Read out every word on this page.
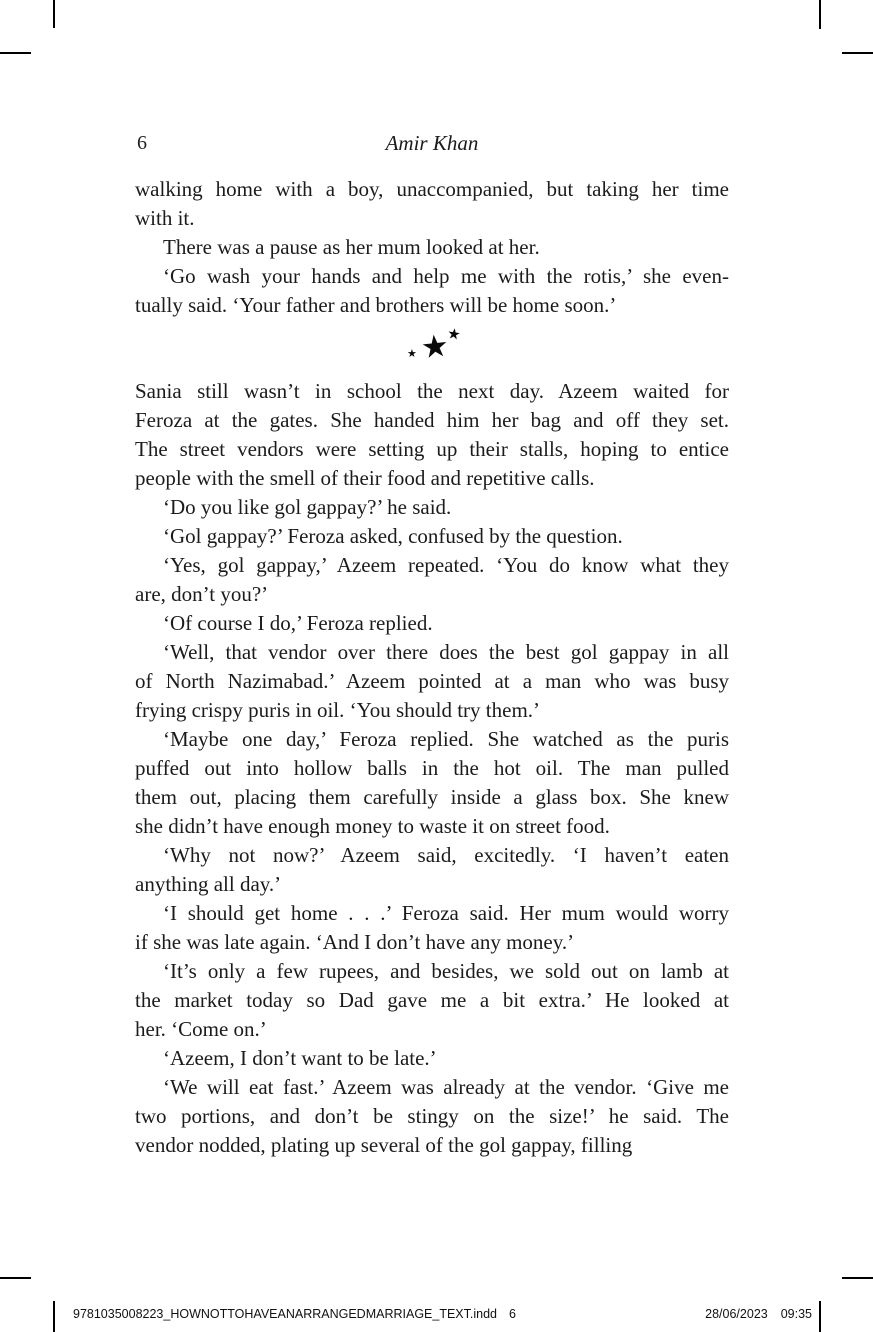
6	Amir Khan
walking home with a boy, unaccompanied, but taking her time
with it.
There was a pause as her mum looked at her.
‘Go wash your hands and help me with the rotis,’ she even-
tually said. ‘Your father and brothers will be home soon.’
★ ★
★
Sania still wasn’t in school the next day. Azeem waited for
Feroza at the gates. She handed him her bag and off they set.
The street vendors were setting up their stalls, hoping to entice
people with the smell of their food and repetitive calls.
‘Do you like gol gappay?’ he said.
‘Gol gappay?’ Feroza asked, confused by the question.
‘Yes, gol gappay,’ Azeem repeated. ‘You do know what they
are, don’t you?’
‘Of course I do,’ Feroza replied.
‘Well, that vendor over there does the best gol gappay in all
of North Nazimabad.’ Azeem pointed at a man who was busy
frying crispy puris in oil. ‘You should try them.’
‘Maybe one day,’ Feroza replied. She watched as the puris
puffed out into hollow balls in the hot oil. The man pulled
them out, placing them carefully inside a glass box. She knew
she didn’t have enough money to waste it on street food.
‘Why not now?’ Azeem said, excitedly. ‘I haven’t eaten
anything all day.’
‘I should get home . . .’ Feroza said. Her mum would worry
if she was late again. ‘And I don’t have any money.’
‘It’s only a few rupees, and besides, we sold out on lamb at
the market today so Dad gave me a bit extra.’ He looked at
her. ‘Come on.’
‘Azeem, I don’t want to be late.’
‘We will eat fast.’ Azeem was already at the vendor. ‘Give me
two portions, and don’t be stingy on the size!’ he said. The
vendor nodded, plating up several of the gol gappay, filling
9781035008223_HOWNOTTOHAVEANARRANGEDMARRIAGE_TEXT.indd 6	28/06/2023 09:35
